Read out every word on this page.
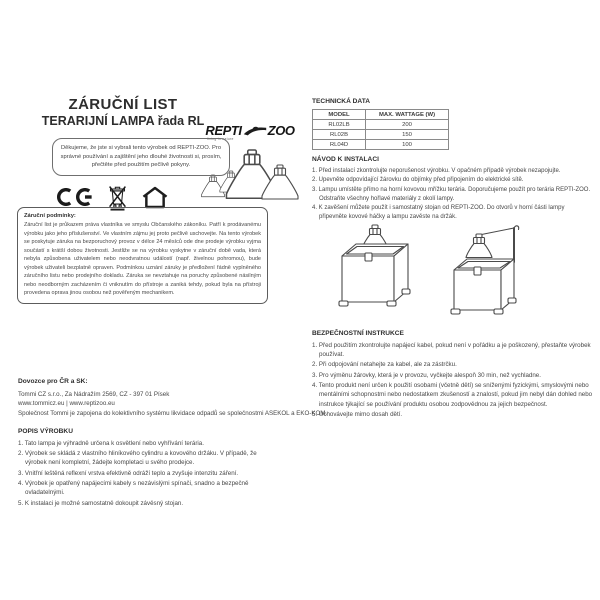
ZÁRUČNÍ LIST
TERARIJNÍ LAMPA řada RL
REPTI ZOO
living in nature
Děkujeme, že jste si vybrali tento výrobek od REPTI-ZOO. Pro správné používání a zajištění jeho dlouhé životnosti si, prosím, přečtěte před použitím pečlivě pokyny.
Záruční podmínky:
Záruční list je průkazem práva vlastníka ve smyslu Občanského zákoníku. Patří k prodávanému výrobku jako jeho příslušenství. Ve vlastním zájmu jej proto pečlivě uschovejte. Na tento výrobek se poskytuje záruka na bezporuchový provoz v délce 24 měsíců ode dne prodeje výrobku vyjma součástí s krátší dobou životnosti. Jestliže se na výrobku vyskytne v záruční době vada, která nebyla způsobena uživatelem nebo neodvratnou událostí (např. živelnou pohromou), bude výrobek uživateli bezplatně opraven. Podmínkou uznání záruky je předložení řádně vyplněného záručního listu nebo prodejního dokladu. Záruka se nevztahuje na poruchy způsobené násilným nebo neodborným zacházením či vniknutím do přístroje a zaniká tehdy, pokud byla na přístroji provedena oprava jinou osobou než pověřeným mechanikem.
Dovozce pro ČR a SK:
Tommi CZ s.r.o., Za Nádražím 2569, CZ - 397 01 Písek
www.tommicz.eu | www.reptizoo.eu
Společnost Tommi je zapojena do kolektivního systému likvidace odpadů se společnostmi ASEKOL a EKO-KOM.
POPIS VÝROBKU
1. Tato lampa je výhradně určena k osvětlení nebo vyhřívání terária.
2. Výrobek se skládá z vlastního hliníkového cylindru a kovového držáku. V případě, že výrobek není kompletní, žádejte kompletaci u svého prodejce.
3. Vnitřní leštěná reflexní vrstva efektivně odráží teplo a zvyšuje intenzitu záření.
4. Výrobek je opatřený napájecími kabely s nezávislými spínači, snadno a bezpečně ovladatelnými.
5. K instalaci je možné samostatně dokoupit závěsný stojan.
TECHNICKÁ DATA
MODEL	MAX. WATTAGE (W)
RL02LB	200
RL02B	150
RL04D	100
NÁVOD K INSTALACI
1. Před instalací zkontrolujte neporušenost výrobku. V opačném případě výrobek nezapojujte.
2. Upevněte odpovídající žárovku do objímky před připojením do elektrické sítě.
3. Lampu umístěte přímo na horní kovovou mřížku terária. Doporučujeme použít pro terária REPTI-ZOO. Odstraňte všechny hořlavé materiály z okolí lampy.
4. K zavěšení můžete použít i samostatný stojan od REPTI-ZOO. Do otvorů v horní části lampy připevněte kovové háčky a lampu zavěste na držák.
BEZPEČNOSTNÍ INSTRUKCE
1. Před použitím zkontrolujte napájecí kabel, pokud není v pořádku a je poškozený, přestaňte výrobek používat.
2. Při odpojování netahejte za kabel, ale za zástrčku.
3. Pro výměnu žárovky, která je v provozu, vyčkejte alespoň 30 min, než vychladne.
4. Tento produkt není určen k použití osobami (včetně dětí) se sníženými fyzickými, smyslovými nebo mentálními schopnostmi nebo nedostatkem zkušeností a znalostí, pokud jim nebyl dán dohled nebo instrukce týkající se používání produktu osobou zodpovědnou za jejich bezpečnost.
5. Uchovávejte mimo dosah dětí.
